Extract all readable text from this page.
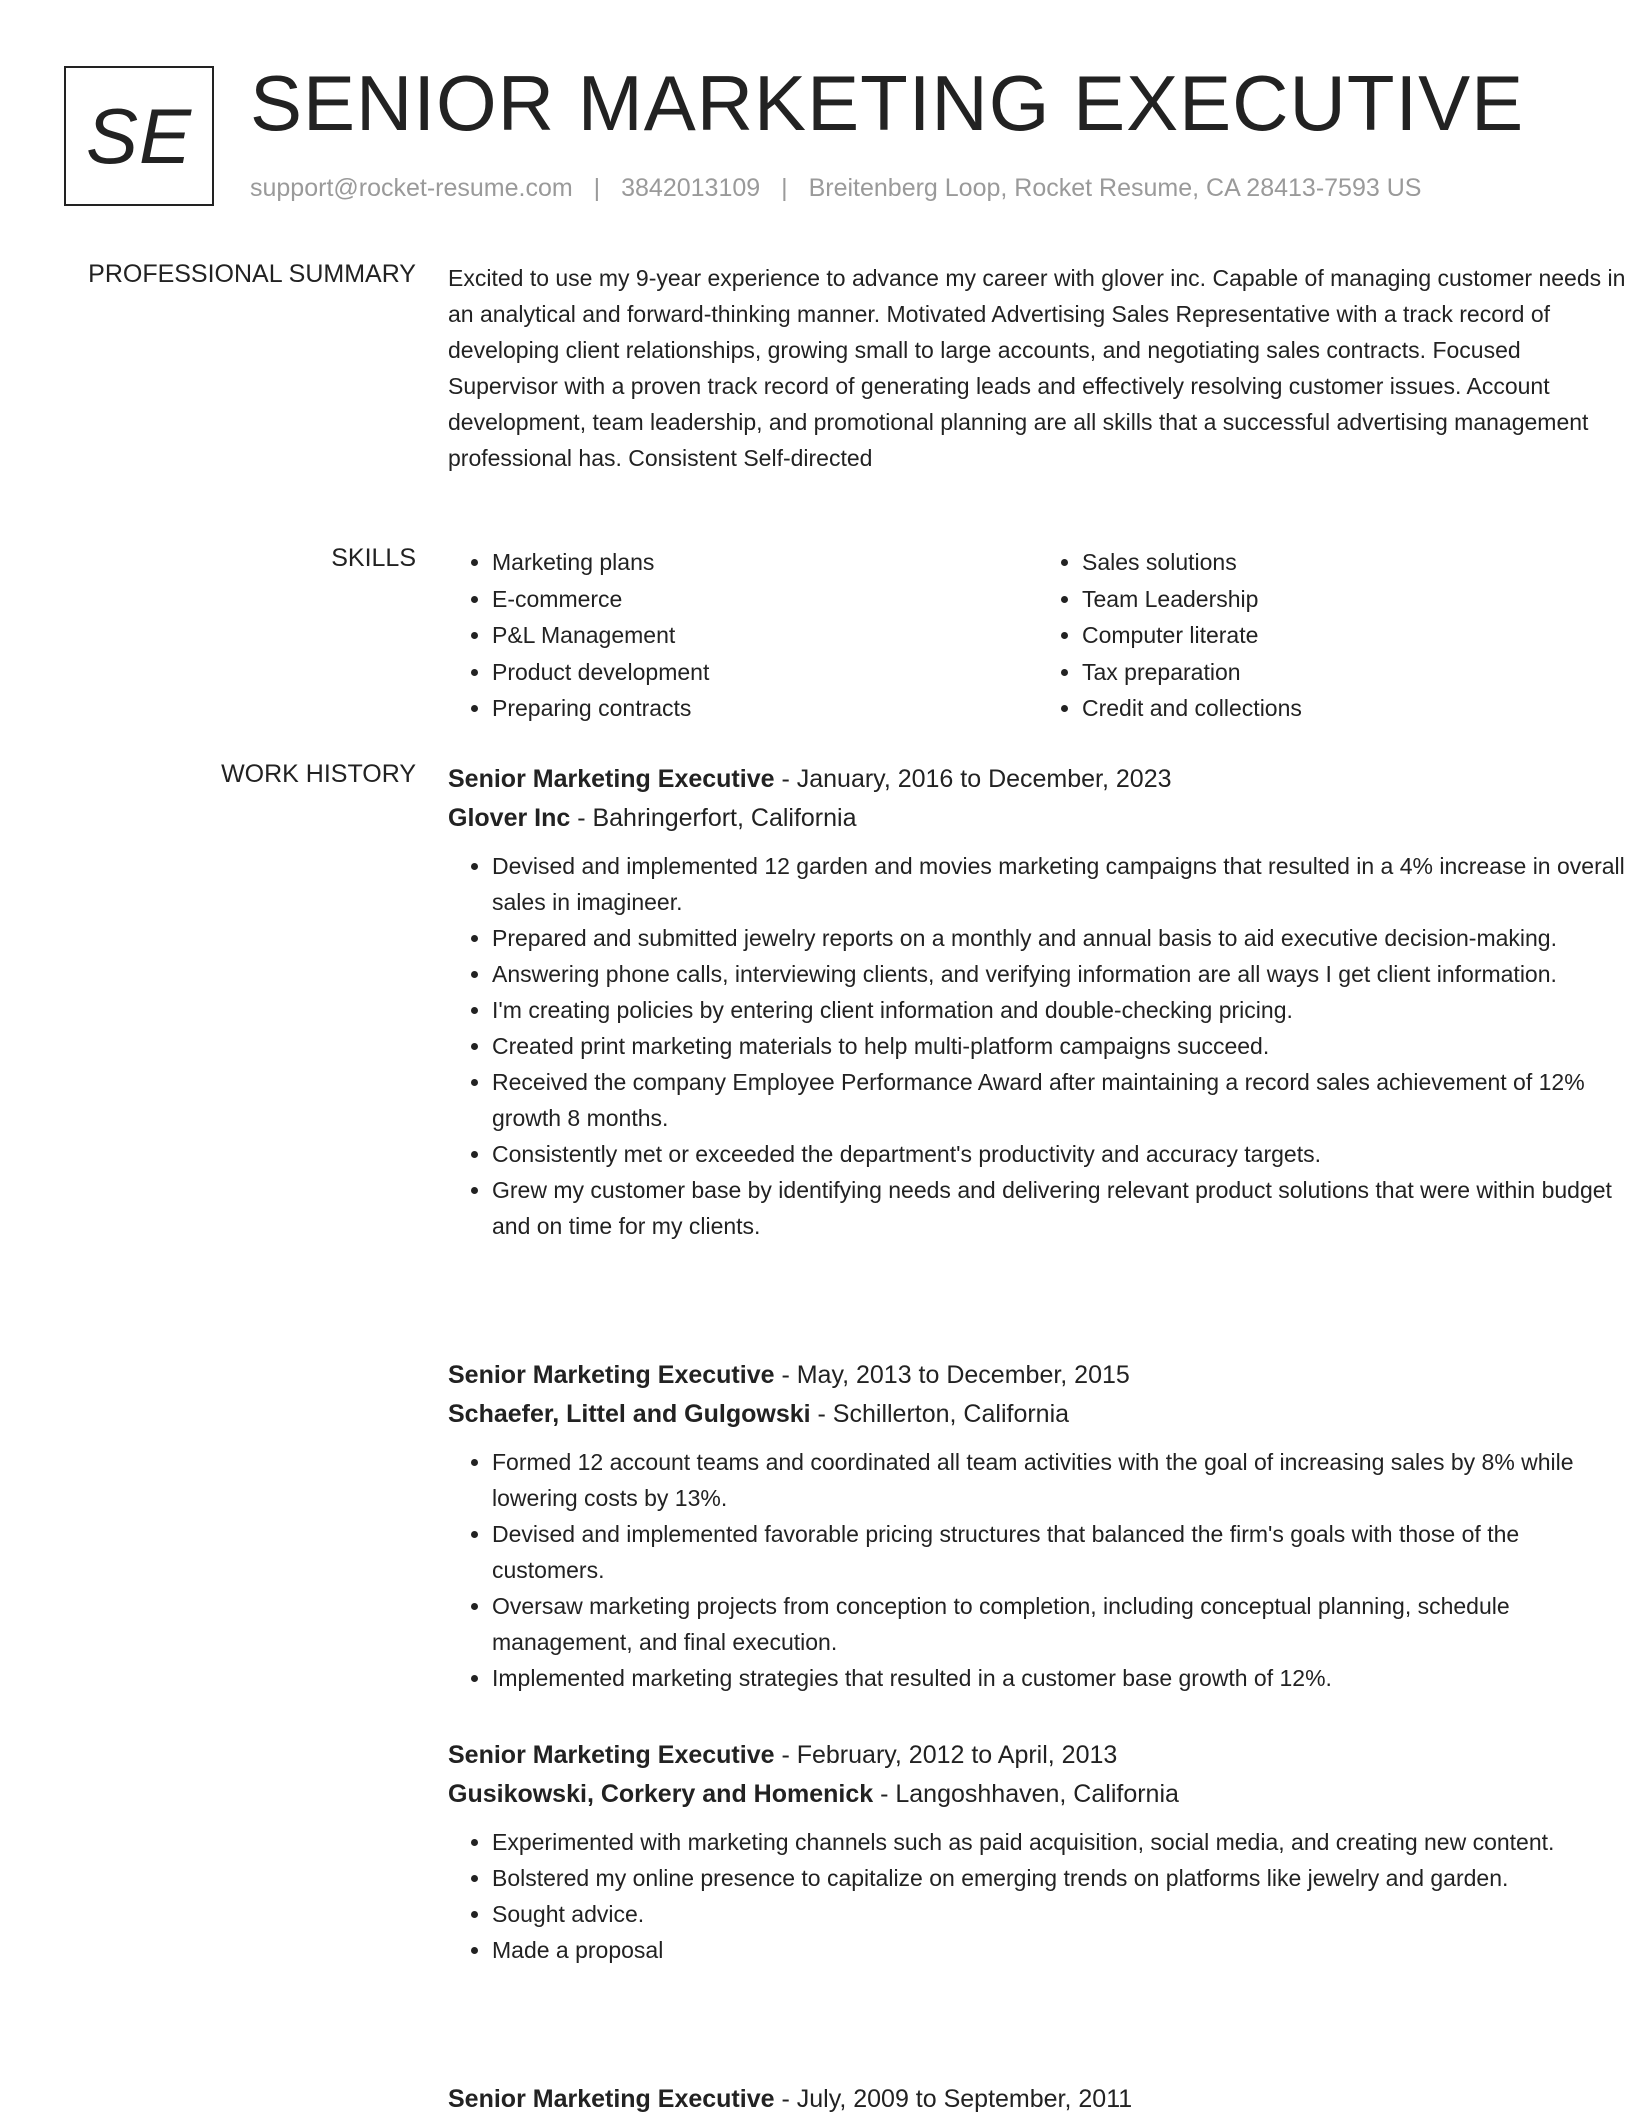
SE SENIOR MARKETING EXECUTIVE
support@rocket-resume.com | 3842013109 | Breitenberg Loop, Rocket Resume, CA 28413-7593 US
PROFESSIONAL SUMMARY Excited to use my 9-year experience to advance my career with glover inc. Capable of managing customer needs in an analytical and forward-thinking manner. Motivated Advertising Sales Representative with a track record of developing client relationships, growing small to large accounts, and negotiating sales contracts. Focused Supervisor with a proven track record of generating leads and effectively resolving customer issues. Account development, team leadership, and promotional planning are all skills that a successful advertising management professional has. Consistent Self-directed
SKILLS
•	Marketing plans
• E-commerce
• P&L Management
• Product development
• Preparing contracts
• Sales solutions
• Team Leadership
• Computer literate
• Tax preparation
• Credit and collections
WORK HISTORY Senior Marketing Executive - January, 2016 to December, 2023
Glover Inc - Bahringerfort, California
• Devised and implemented 12 garden and movies marketing campaigns that resulted in a 4% increase in overall sales in imagineer.
• Prepared and submitted jewelry reports on a monthly and annual basis to aid executive decision-making.
• Answering phone calls, interviewing clients, and verifying information are all ways I get client information.
• I'm creating policies by entering client information and double-checking pricing.
• Created print marketing materials to help multi-platform campaigns succeed.
• Received the company Employee Performance Award after maintaining a record sales achievement of 12% growth 8 months.
• Consistently met or exceeded the department's productivity and accuracy targets.
• Grew my customer base by identifying needs and delivering relevant product solutions that were within budget and on time for my clients.
Senior Marketing Executive - May, 2013 to December, 2015
Schaefer, Littel and Gulgowski - Schillerton, California
• Formed 12 account teams and coordinated all team activities with the goal of increasing sales by 8% while lowering costs by 13%.
• Devised and implemented favorable pricing structures that balanced the firm's goals with those of the customers.
• Oversaw marketing projects from conception to completion, including conceptual planning, schedule management, and final execution.
• Implemented marketing strategies that resulted in a customer base growth of 12%.
Senior Marketing Executive - February, 2012 to April, 2013
Gusikowski, Corkery and Homenick - Langoshhaven, California
• Experimented with marketing channels such as paid acquisition, social media, and creating new content.
• Bolstered my online presence to capitalize on emerging trends on platforms like jewelry and garden.
• Sought advice.
• Made a proposal
Senior Marketing Executive - July, 2009 to September, 2011
